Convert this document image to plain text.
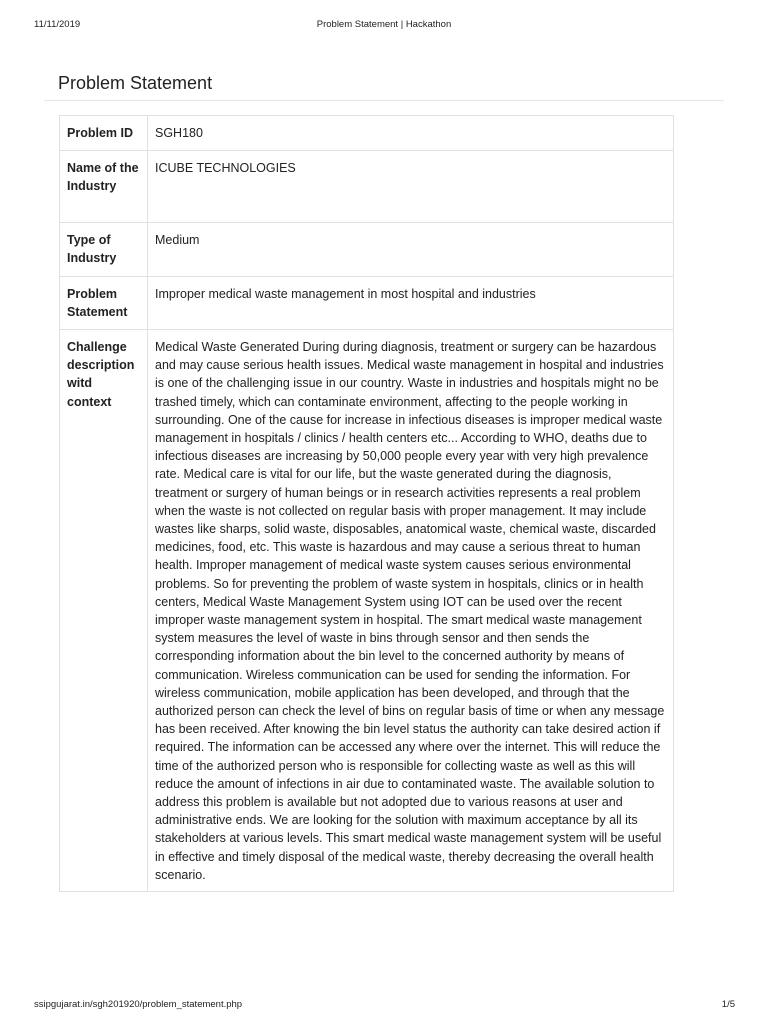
11/11/2019	Problem Statement | Hackathon
Problem Statement
Problem ID	SGH180
Name of the Industry	ICUBE TECHNOLOGIES
Type of Industry	Medium
Problem Statement	Improper medical waste management in most hospital and industries
Challenge description witd context	Medical Waste Generated During during diagnosis, treatment or surgery can be hazardous and may cause serious health issues. Medical waste management in hospital and industries is one of the challenging issue in our country. Waste in industries and hospitals might no be trashed timely, which can contaminate environment, affecting to the people working in surrounding. One of the cause for increase in infectious diseases is improper medical waste management in hospitals / clinics / health centers etc... According to WHO, deaths due to infectious diseases are increasing by 50,000 people every year with very high prevalence rate. Medical care is vital for our life, but the waste generated during the diagnosis, treatment or surgery of human beings or in research activities represents a real problem when the waste is not collected on regular basis with proper management. It may include wastes like sharps, solid waste, disposables, anatomical waste, chemical waste, discarded medicines, food, etc. This waste is hazardous and may cause a serious threat to human health. Improper management of medical waste system causes serious environmental problems. So for preventing the problem of waste system in hospitals, clinics or in health centers, Medical Waste Management System using IOT can be used over the recent improper waste management system in hospital. The smart medical waste management system measures the level of waste in bins through sensor and then sends the corresponding information about the bin level to the concerned authority by means of communication. Wireless communication can be used for sending the information. For wireless communication, mobile application has been developed, and through that the authorized person can check the level of bins on regular basis of time or when any message has been received. After knowing the bin level status the authority can take desired action if required. The information can be accessed any where over the internet. This will reduce the time of the authorized person who is responsible for collecting waste as well as this will reduce the amount of infections in air due to contaminated waste. The available solution to address this problem is available but not adopted due to various reasons at user and administrative ends. We are looking for the solution with maximum acceptance by all its stakeholders at various levels. This smart medical waste management system will be useful in effective and timely disposal of the medical waste, thereby decreasing the overall health scenario.
ssipgujarat.in/sgh201920/problem_statement.php	1/5
